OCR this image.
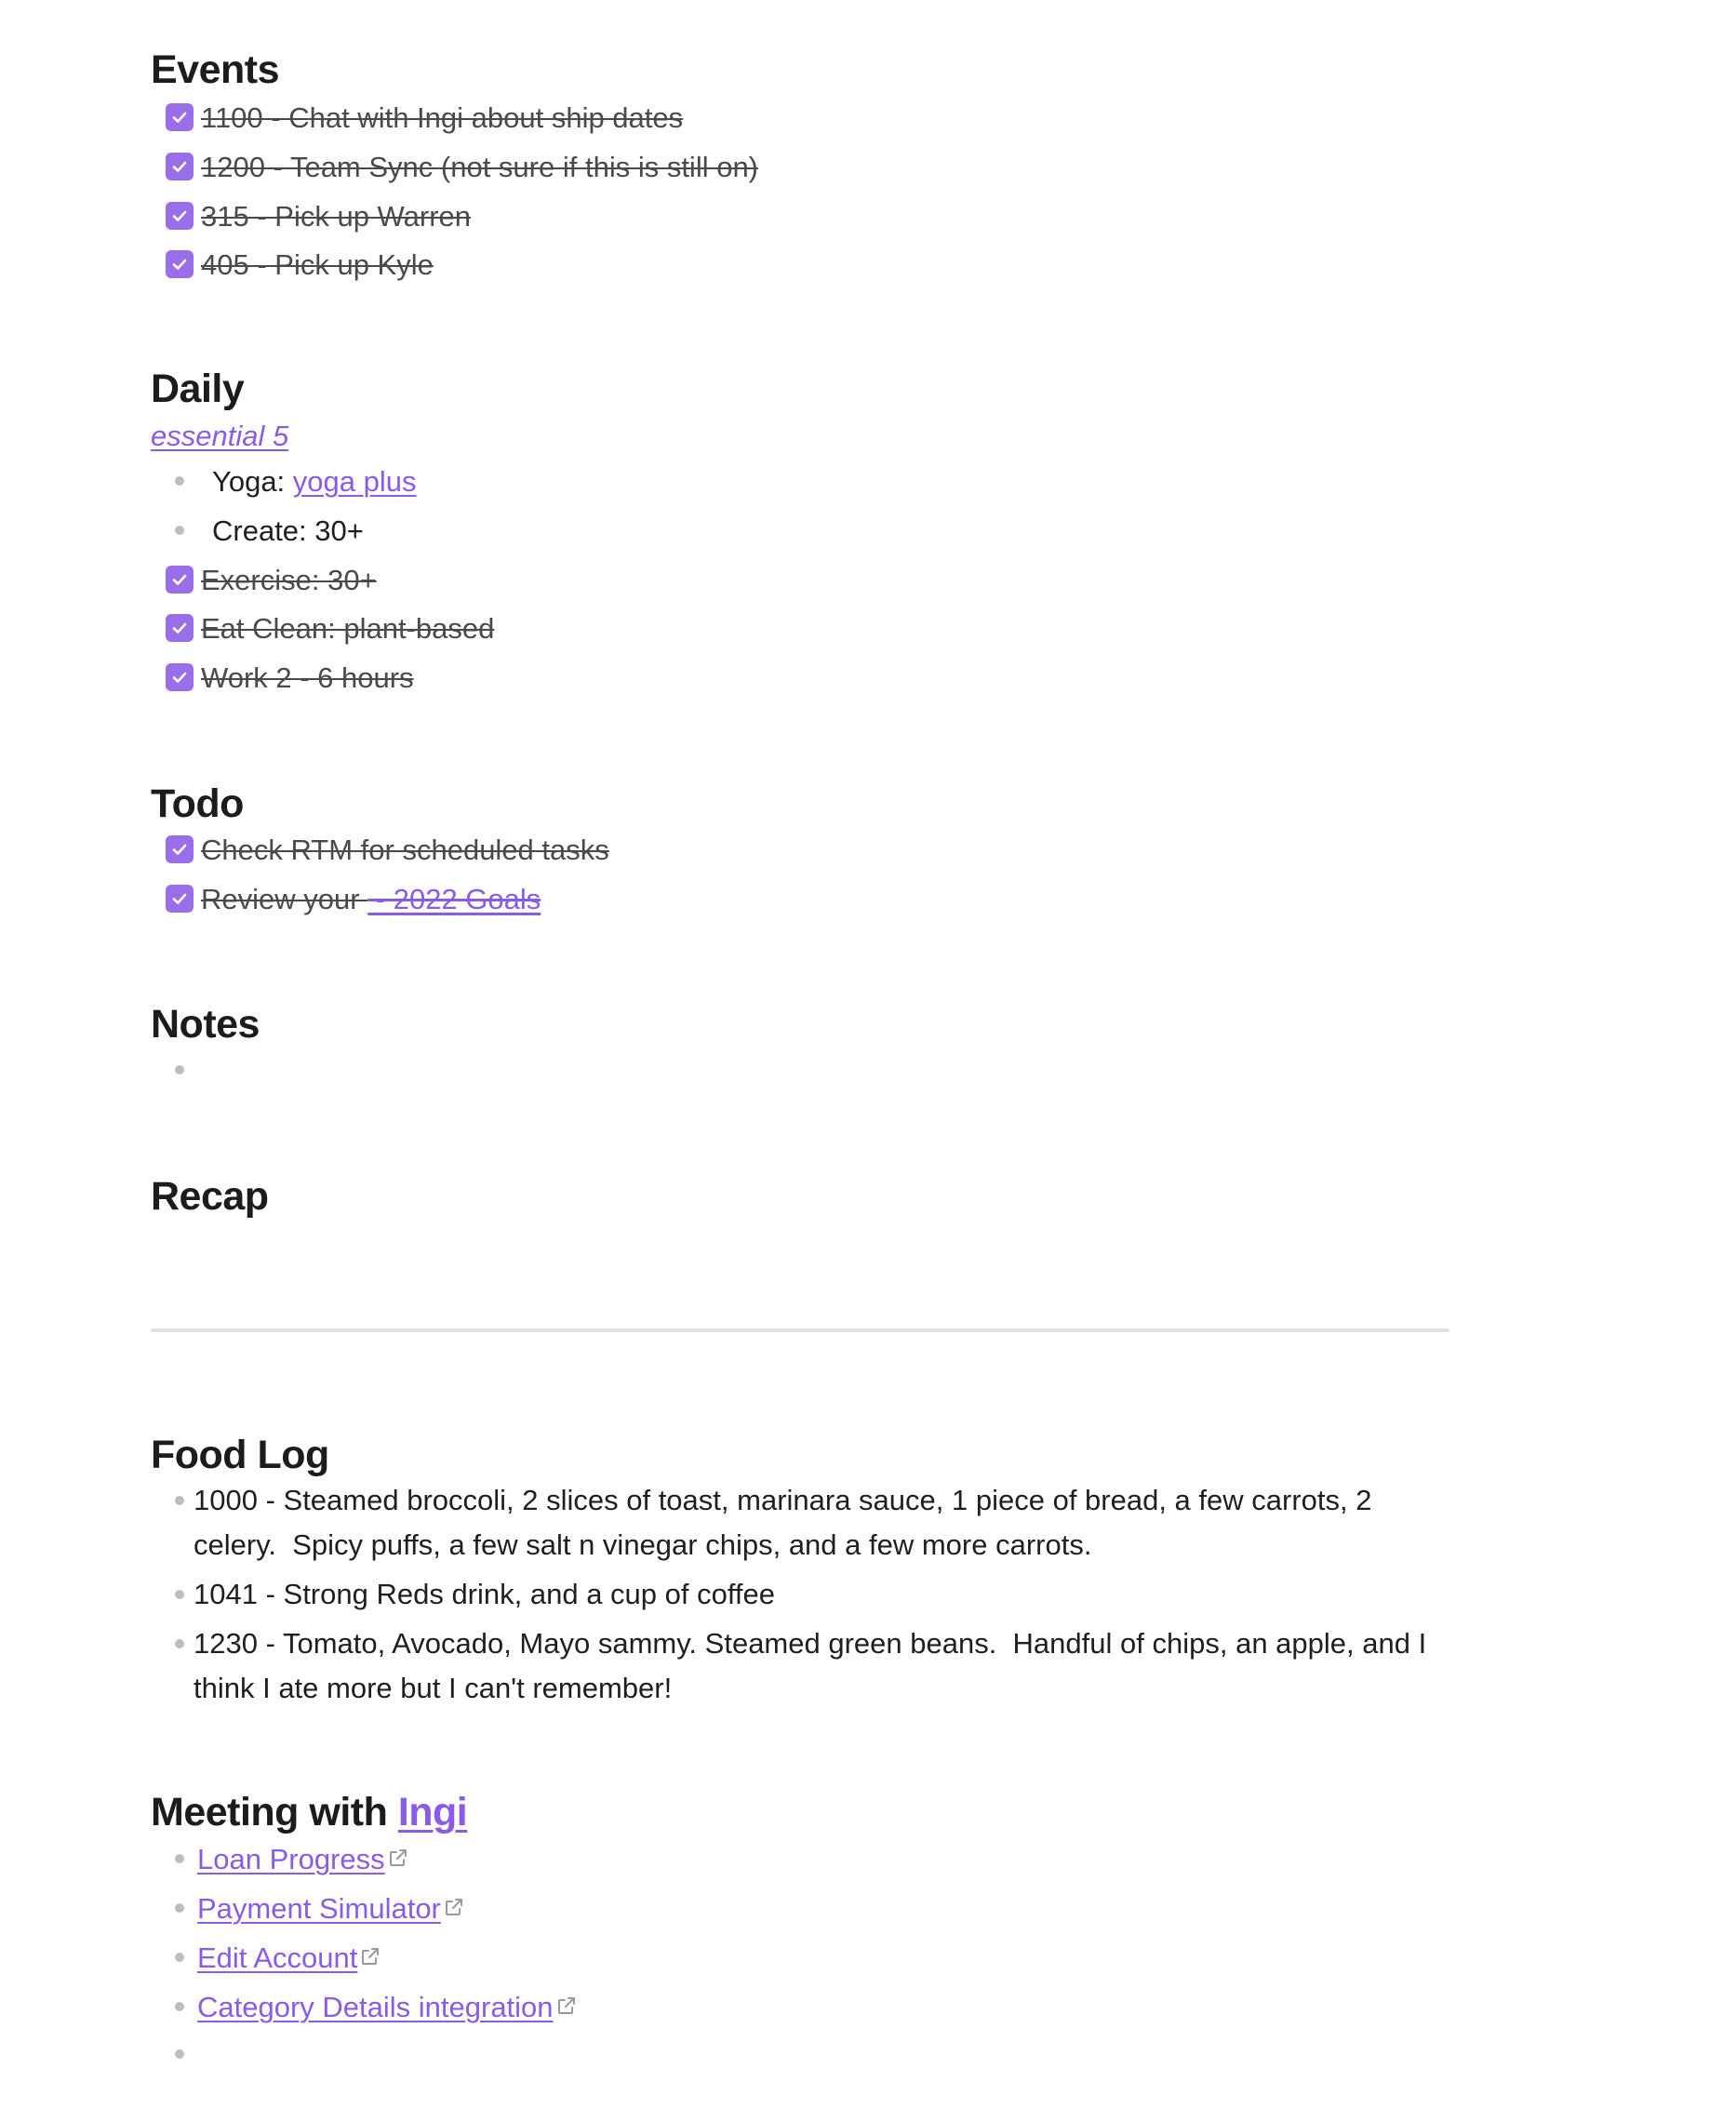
Events
1100 - Chat with Ingi about ship dates
1200 - Team Sync (not sure if this is still on)
315 - Pick up Warren
405 - Pick up Kyle
Daily
essential 5
Yoga: yoga plus
Create: 30+
Exercise: 30+
Eat Clean: plant-based
Work 2 - 6 hours
Todo
Check RTM for scheduled tasks
Review your - 2022 Goals
Notes
Recap
Food Log
1000 - Steamed broccoli, 2 slices of toast, marinara sauce, 1 piece of bread, a few carrots, 2 celery.  Spicy puffs, a few salt n vinegar chips, and a few more carrots.
1041 - Strong Reds drink, and a cup of coffee
1230 - Tomato, Avocado, Mayo sammy. Steamed green beans.  Handful of chips, an apple, and I think I ate more but I can't remember!
Meeting with Ingi
Loan Progress
Payment Simulator
Edit Account
Category Details integration
